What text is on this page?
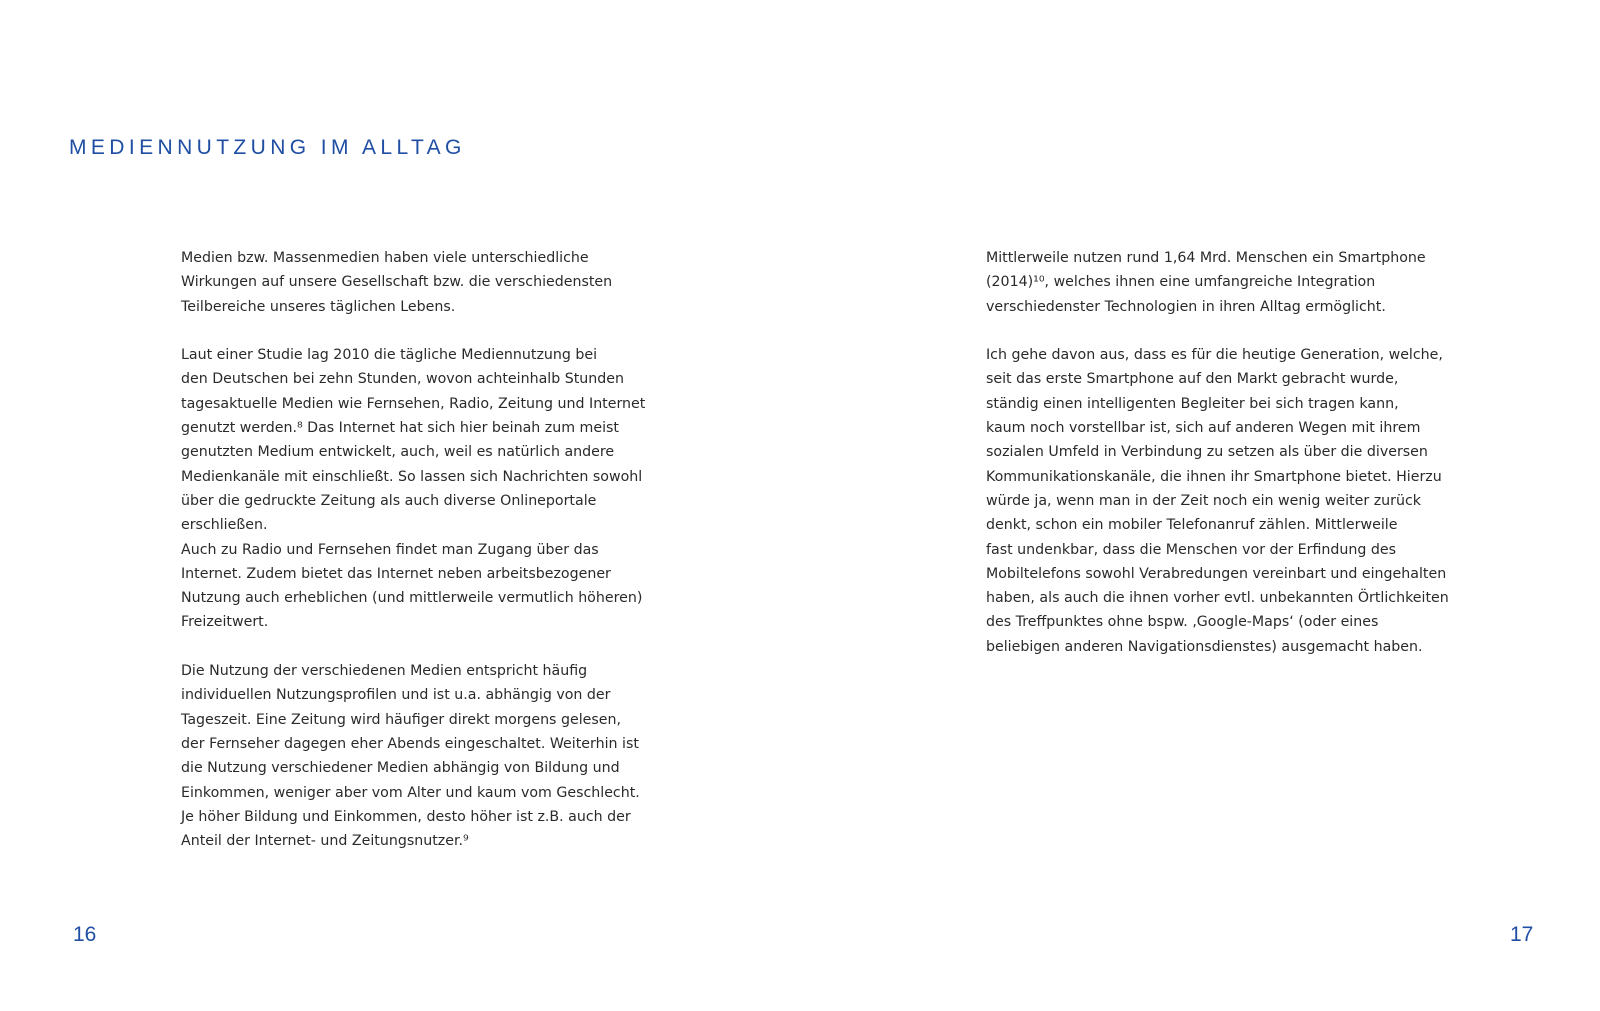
MEDIENNUTZUNG IM ALLTAG

Medien bzw. Massenmedien haben viele unterschiedliche
Wirkungen auf unsere Gesellschaft bzw. die verschiedensten
Teilbereiche unseres täglichen Lebens.

Laut einer Studie lag 2010 die tägliche Mediennutzung bei
den Deutschen bei zehn Stunden, wovon achteinhalb Stunden
tagesaktuelle Medien wie Fernsehen, Radio, Zeitung und Internet
genutzt werden.⁸ Das Internet hat sich hier beinah zum meist
genutzten Medium entwickelt, auch, weil es natürlich andere
Medienkanäle mit einschließt. So lassen sich Nachrichten sowohl
über die gedruckte Zeitung als auch diverse Onlineportale
erschließen.

Auch zu Radio und Fernsehen findet man Zugang über das
Internet. Zudem bietet das Internet neben arbeitsbezogener
Nutzung auch erheblichen (und mittlerweile vermutlich höheren)
Freizeitwert.

Die Nutzung der verschiedenen Medien entspricht häufig
individuellen Nutzungsprofilen und ist u.a. abhängig von der
Tageszeit. Eine Zeitung wird häufiger direkt morgens gelesen,
der Fernseher dagegen eher Abends eingeschaltet. Weiterhin ist
die Nutzung verschiedener Medien abhängig von Bildung und
Einkommen, weniger aber vom Alter und kaum vom Geschlecht.
Je höher Bildung und Einkommen, desto höher ist z.B. auch der
Anteil der Internet- und Zeitungsnutzer.⁹

Mittlerweile nutzen rund 1,64 Mrd. Menschen ein Smartphone
(2014)¹⁰, welches ihnen eine umfangreiche Integration
verschiedenster Technologien in ihren Alltag ermöglicht.

Ich gehe davon aus, dass es für die heutige Generation, welche,
seit das erste Smartphone auf den Markt gebracht wurde,
ständig einen intelligenten Begleiter bei sich tragen kann,
kaum noch vorstellbar ist, sich auf anderen Wegen mit ihrem
sozialen Umfeld in Verbindung zu setzen als über die diversen
Kommunikationskanäle, die ihnen ihr Smartphone bietet. Hierzu
würde ja, wenn man in der Zeit noch ein wenig weiter zurück
denkt, schon ein mobiler Telefonanruf zählen. Mittlerweile
fast undenkbar, dass die Menschen vor der Erfindung des
Mobiltelefons sowohl Verabredungen vereinbart und eingehalten
haben, als auch die ihnen vorher evtl. unbekannten Örtlichkeiten
des Treffpunktes ohne bspw. ‚Google-Maps‘ (oder eines
beliebigen anderen Navigationsdienstes) ausgemacht haben.

16	17
